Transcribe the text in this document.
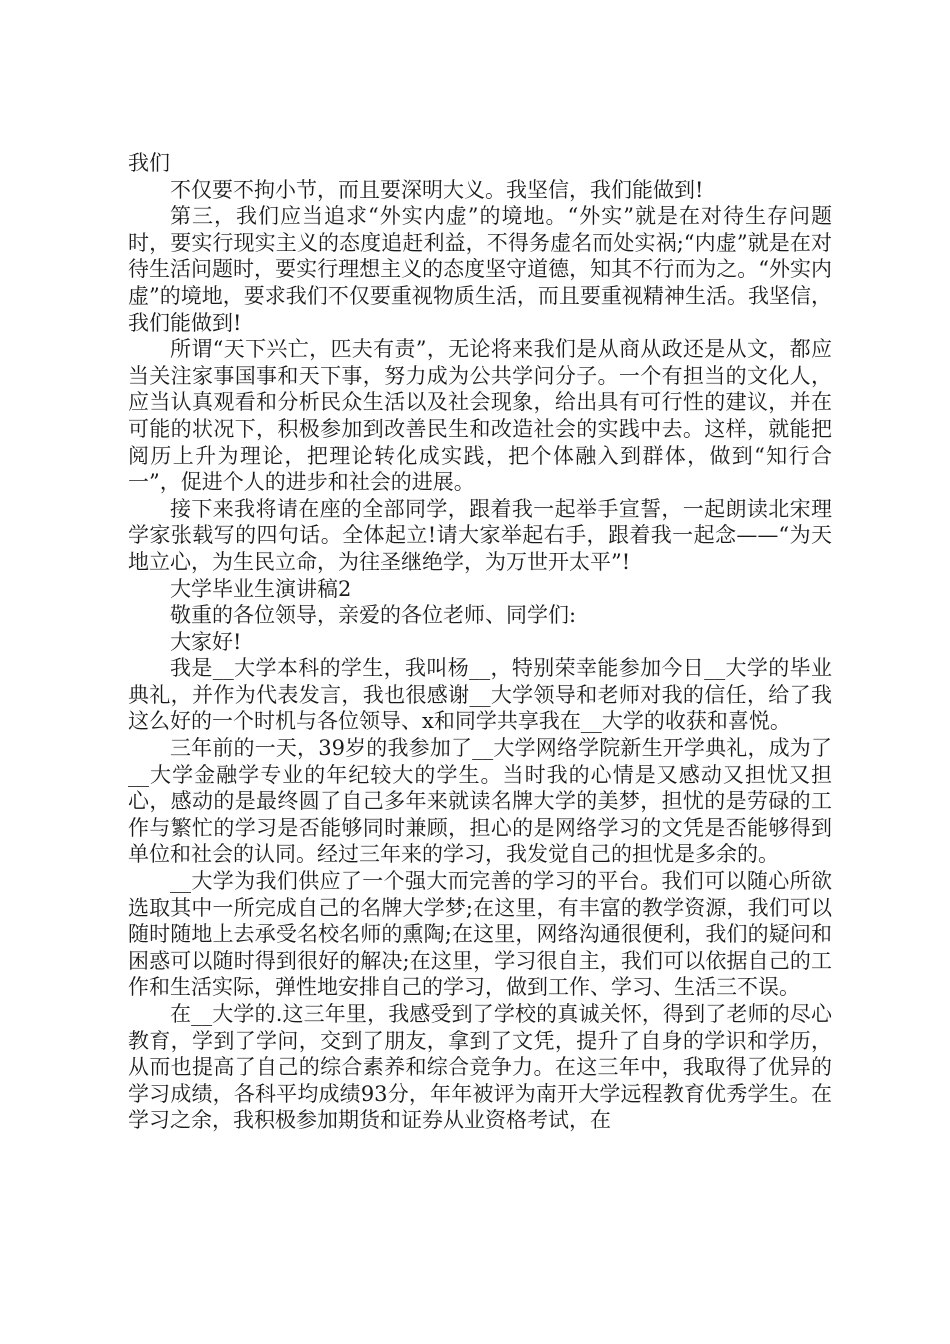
我们

不仅要不拘小节，而且要深明大义。我坚信，我们能做到!

第三，我们应当追求“外实内虚”的境地。“外实”就是在对待生存问题时，要实行现实主义的态度追赶利益，不得务虚名而处实祸;“内虚”就是在对待生活问题时，要实行理想主义的态度坚守道德，知其不行而为之。“外实内虚”的境地，要求我们不仅要重视物质生活，而且要重视精神生活。我坚信，我们能做到!

所谓“天下兴亡，匹夫有责”，无论将来我们是从商从政还是从文，都应当关注家事国事和天下事，努力成为公共学问分子。一个有担当的文化人，应当认真观看和分析民众生活以及社会现象，给出具有可行性的建议，并在可能的状况下，积极参加到改善民生和改造社会的实践中去。这样，就能把阅历上升为理论，把理论转化成实践，把个体融入到群体，做到“知行合一”，促进个人的进步和社会的进展。

接下来我将请在座的全部同学，跟着我一起举手宣誓，一起朗读北宋理学家张载写的四句话。全体起立!请大家举起右手，跟着我一起念——“为天地立心，为生民立命，为往圣继绝学，为万世开太平”!

大学毕业生演讲稿2

敬重的各位领导，亲爱的各位老师、同学们:

大家好!

我是__大学本科的学生，我叫杨__，特别荣幸能参加今日__大学的毕业典礼，并作为代表发言，我也很感谢__大学领导和老师对我的信任，给了我这么好的一个时机与各位领导、x和同学共享我在__大学的收获和喜悦。

三年前的一天，39岁的我参加了__大学网络学院新生开学典礼，成为了__大学金融学专业的年纪较大的学生。当时我的心情是又感动又担忧又担心，感动的是最终圆了自己多年来就读名牌大学的美梦，担忧的是劳碌的工作与繁忙的学习是否能够同时兼顾，担心的是网络学习的文凭是否能够得到单位和社会的认同。经过三年来的学习，我发觉自己的担忧是多余的。

__大学为我们供应了一个强大而完善的学习的平台。我们可以随心所欲选取其中一所完成自己的名牌大学梦;在这里，有丰富的教学资源，我们可以随时随地上去承受名校名师的熏陶;在这里，网络沟通很便利，我们的疑问和困惑可以随时得到很好的解决;在这里，学习很自主，我们可以依据自己的工作和生活实际，弹性地安排自己的学习，做到工作、学习、生活三不误。

在__大学的.这三年里，我感受到了学校的真诚关怀，得到了老师的尽心教育，学到了学问，交到了朋友，拿到了文凭，提升了自身的学识和学历，从而也提高了自己的综合素养和综合竞争力。在这三年中，我取得了优异的学习成绩，各科平均成绩93分，年年被评为南开大学远程教育优秀学生。在学习之余，我积极参加期货和证券从业资格考试，在
